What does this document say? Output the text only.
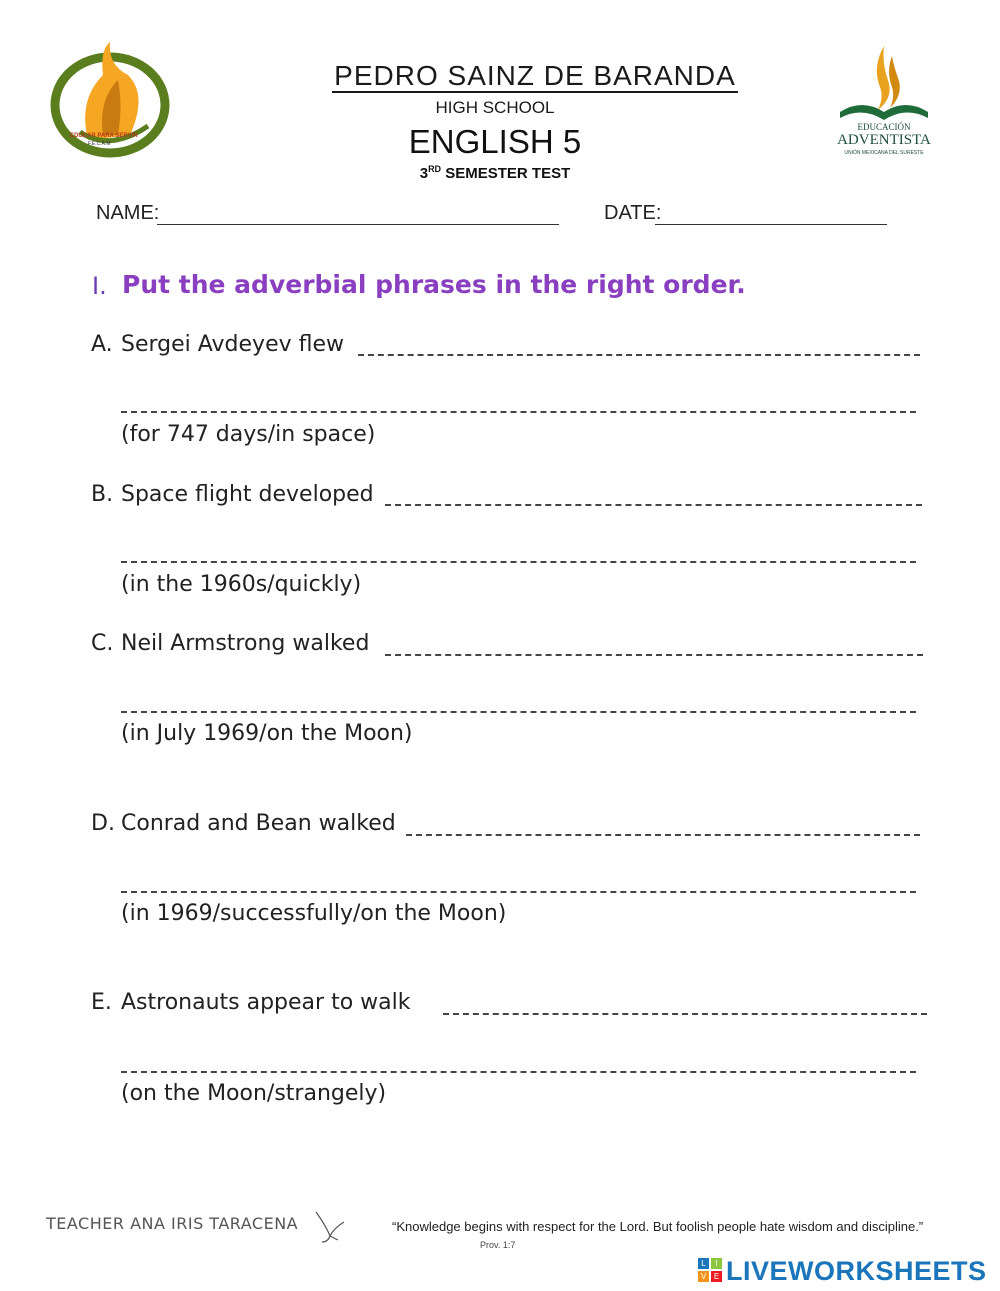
EDUCAR PARA SERVIR
F.E.C.A.M
PEDRO SAINZ DE BARANDA
HIGH SCHOOL
ENGLISH 5
3RD SEMESTER TEST
EDUCACIÓN
ADVENTISTA
UNIÓN MEXICANA DEL SURESTE
NAME:	DATE:
I. Put the adverbial phrases in the right order.
A. Sergei Avdeyev flew
(for 747 days/in space)
B. Space flight developed
(in the 1960s/quickly)
C. Neil Armstrong walked
(in July 1969/on the Moon)
D. Conrad and Bean walked
(in 1969/successfully/on the Moon)
E. Astronauts appear to walk
(on the Moon/strangely)
TEACHER ANA IRIS TARACENA	“Knowledge begins with respect for the Lord. But foolish people hate wisdom and discipline.”
Prov. 1:7
L	I
V E LIVEWORKSHEETS
